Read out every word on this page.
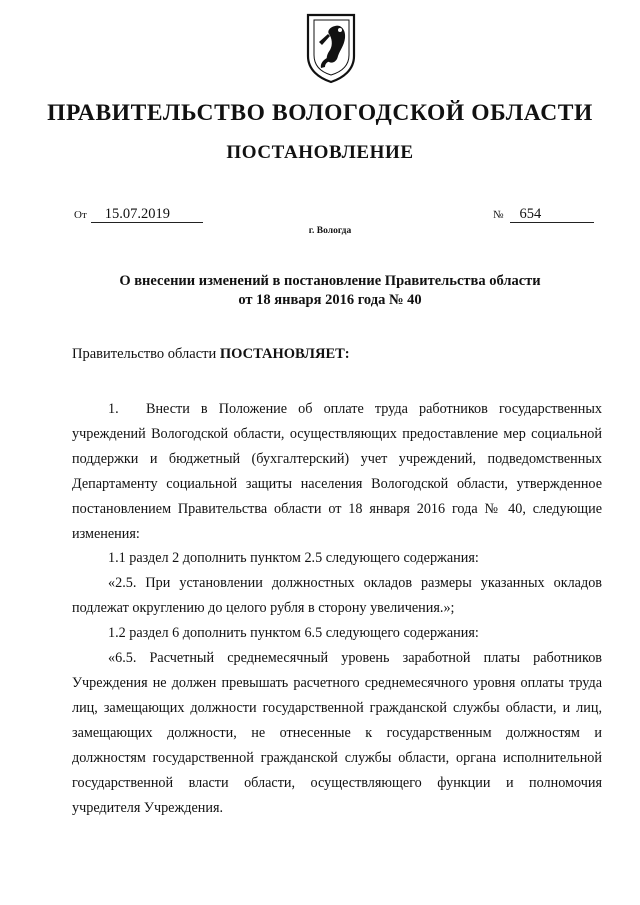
ПРАВИТЕЛЬСТВО ВОЛОГОДСКОЙ ОБЛАСТИ
ПОСТАНОВЛЕНИЕ
От 15.07.2019	№ 654
г. Вологда
О внесении изменений в постановление Правительства области
от 18 января 2016 года № 40
Правительство области ПОСТАНОВЛЯЕТ:

1. Внести в Положение об оплате труда работников государственных учреждений Вологодской области, осуществляющих предоставление мер социальной поддержки и бюджетный (бухгалтерский) учет учреждений, подведомственных Департаменту социальной защиты населения Вологодской области, утвержденное постановлением Правительства области от 18 января 2016 года № 40, следующие изменения:

1.1 раздел 2 дополнить пунктом 2.5 следующего содержания:

«2.5. При установлении должностных окладов размеры указанных окладов подлежат округлению до целого рубля в сторону увеличения.»;

1.2 раздел 6 дополнить пунктом 6.5 следующего содержания:

«6.5. Расчетный среднемесячный уровень заработной платы работников Учреждения не должен превышать расчетного среднемесячного уровня оплаты труда лиц, замещающих должности государственной гражданской службы области, и лиц, замещающих должности, не отнесенные к государственным должностям и должностям государственной гражданской службы области, органа исполнительной государственной власти области, осуществляющего функции и полномочия учредителя Учреждения.
